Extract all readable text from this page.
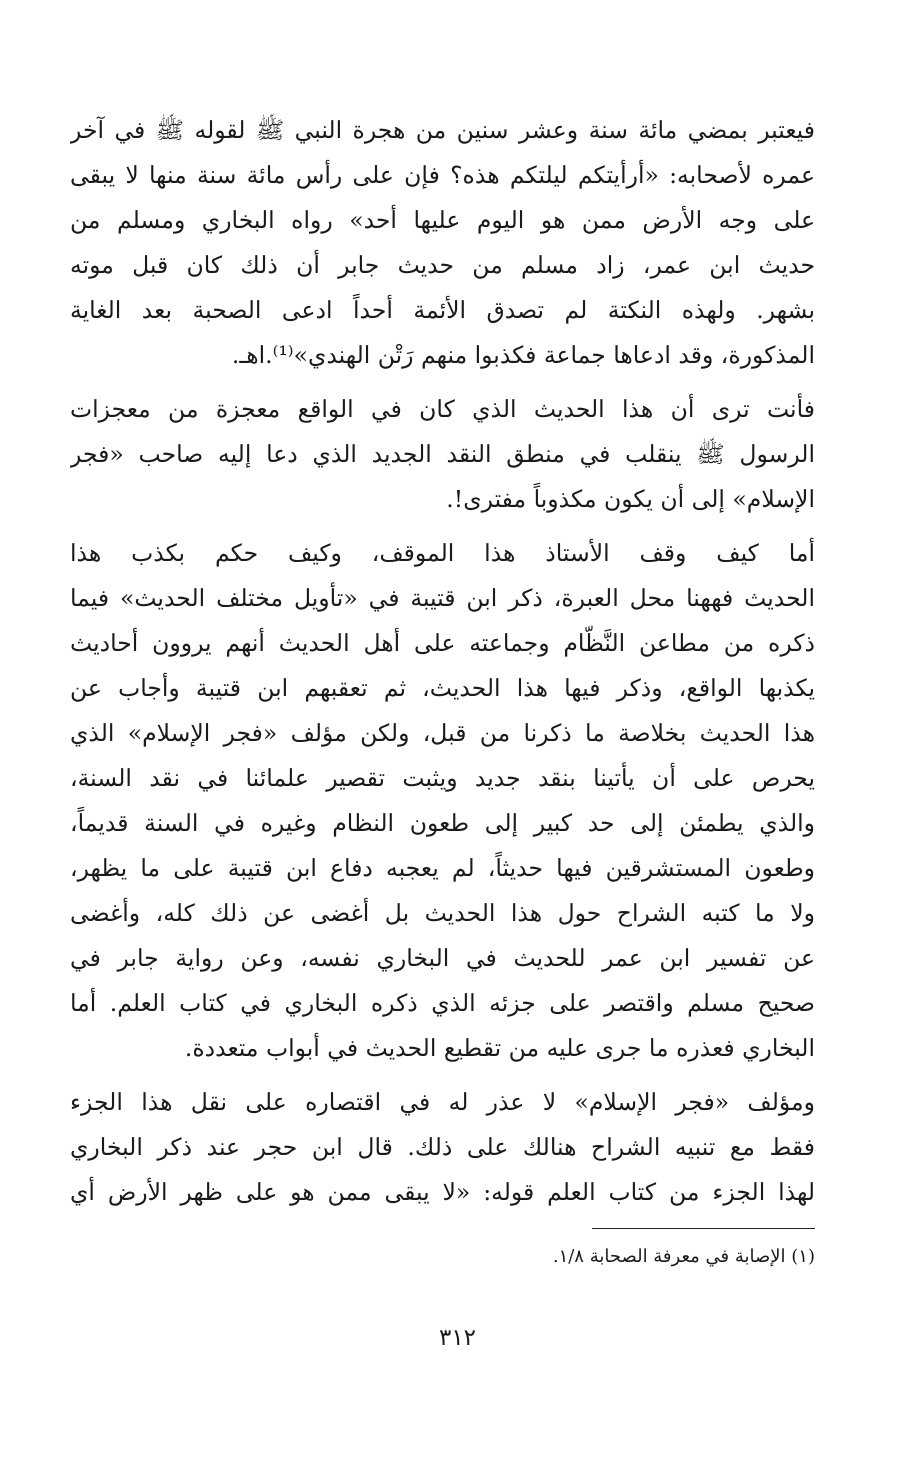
فيعتبر بمضي مائة سنة وعشر سنين من هجرة النبي ﷺ لقوله ﷺ في آخر
عمره لأصحابه: «أرأيتكم ليلتكم هذه؟ فإن على رأس مائة سنة منها لا يبقى
على وجه الأرض ممن هو اليوم عليها أحد» رواه البخاري ومسلم من
حديث ابن عمر، زاد مسلم من حديث جابر أن ذلك كان قبل موته
بشهر. ولهذه النكتة لم تصدق الأئمة أحداً ادعى الصحبة بعد الغاية
المذكورة، وقد ادعاها جماعة فكذبوا منهم رَتْن الهندي»⁽¹⁾.اهـ.
فأنت ترى أن هذا الحديث الذي كان في الواقع معجزة من معجزات
الرسول ﷺ ينقلب في منطق النقد الجديد الذي دعا إليه صاحب «فجر
الإسلام» إلى أن يكون مكذوباً مفترى!.
أما كيف وقف الأستاذ هذا الموقف، وكيف حكم بكذب هذا
الحديث فههنا محل العبرة، ذكر ابن قتيبة في «تأويل مختلف الحديث» فيما
ذكره من مطاعن النَّظّام وجماعته على أهل الحديث أنهم يروون أحاديث
يكذبها الواقع، وذكر فيها هذا الحديث، ثم تعقبهم ابن قتيبة وأجاب عن
هذا الحديث بخلاصة ما ذكرنا من قبل، ولكن مؤلف «فجر الإسلام» الذي
يحرص على أن يأتينا بنقد جديد ويثبت تقصير علمائنا في نقد السنة،
والذي يطمئن إلى حد كبير إلى طعون النظام وغيره في السنة قديماً،
وطعون المستشرقين فيها حديثاً، لم يعجبه دفاع ابن قتيبة على ما يظهر،
ولا ما كتبه الشراح حول هذا الحديث بل أغضى عن ذلك كله، وأغضى
عن تفسير ابن عمر للحديث في البخاري نفسه، وعن رواية جابر في
صحيح مسلم واقتصر على جزئه الذي ذكره البخاري في كتاب العلم. أما
البخاري فعذره ما جرى عليه من تقطيع الحديث في أبواب متعددة.
ومؤلف «فجر الإسلام» لا عذر له في اقتصاره على نقل هذا الجزء
فقط مع تنبيه الشراح هنالك على ذلك. قال ابن حجر عند ذكر البخاري
لهذا الجزء من كتاب العلم قوله: «لا يبقى ممن هو على ظهر الأرض أي
(١) الإصابة في معرفة الصحابة ١/٨.
٣١٢
